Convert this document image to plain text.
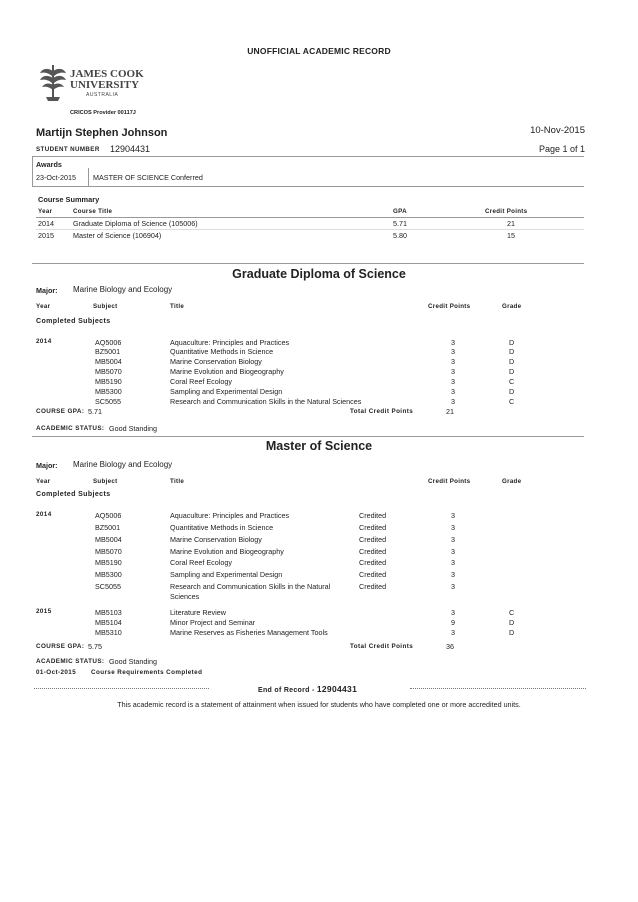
UNOFFICIAL ACADEMIC RECORD
JAMES COOK
UNIVERSITY
AUSTRALIA
CRICOS Provider 00117J
Martijn Stephen Johnson	10-Nov-2015
STUDENT NUMBER 12904431	Page 1 of 1
Awards
23-Oct-2015 MASTER OF SCIENCE Conferred
Course Summary
Year	Course Title	GPA	Credit Points
2014	Graduate Diploma of Science (105006)	5.71	21
2015	Master of Science (106904)	5.80	15
Graduate Diploma of Science
Major: Marine Biology and Ecology
Year	Subject	Title	Credit Points	Grade
Completed Subjects
2014	AQ5006	Aquaculture: Principles and Practices	3	D
BZ5001	Quantitative Methods in Science	3	D
MB5004	Marine Conservation Biology	3	D
MB5070	Marine Evolution and Biogeography	3	D
MB5190	Coral Reef Ecology	3	C
MB5300	Sampling and Experimental Design	3	D
SC5055	Research and Communication Skills in the Natural Sciences	3	C
COURSE GPA: 5.71	Total Credit Points	21
ACADEMIC STATUS: Good Standing
Master of Science
Major: Marine Biology and Ecology
Year	Subject	Title	Credit Points	Grade
Completed Subjects
2014	AQ5006	Aquaculture: Principles and Practices	Credited	3
BZ5001	Quantitative Methods in Science	Credited	3
MB5004	Marine Conservation Biology	Credited	3
MB5070	Marine Evolution and Biogeography	Credited	3
MB5190	Coral Reef Ecology	Credited	3
MB5300	Sampling and Experimental Design	Credited	3
SC5055	Research and Communication Skills in the Natural	Credited	3
Sciences
2015	MB5103	Literature Review	3	C
MB5104	Minor Project and Seminar	9	D
MB5310	Marine Reserves as Fisheries Management Tools	3	D
COURSE GPA: 5.75	Total Credit Points	36
ACADEMIC STATUS: Good Standing
01-Oct-2015 Course Requirements Completed
End of Record - 12904431
This academic record is a statement of attainment when issued for students who have completed one or more accredited units.
